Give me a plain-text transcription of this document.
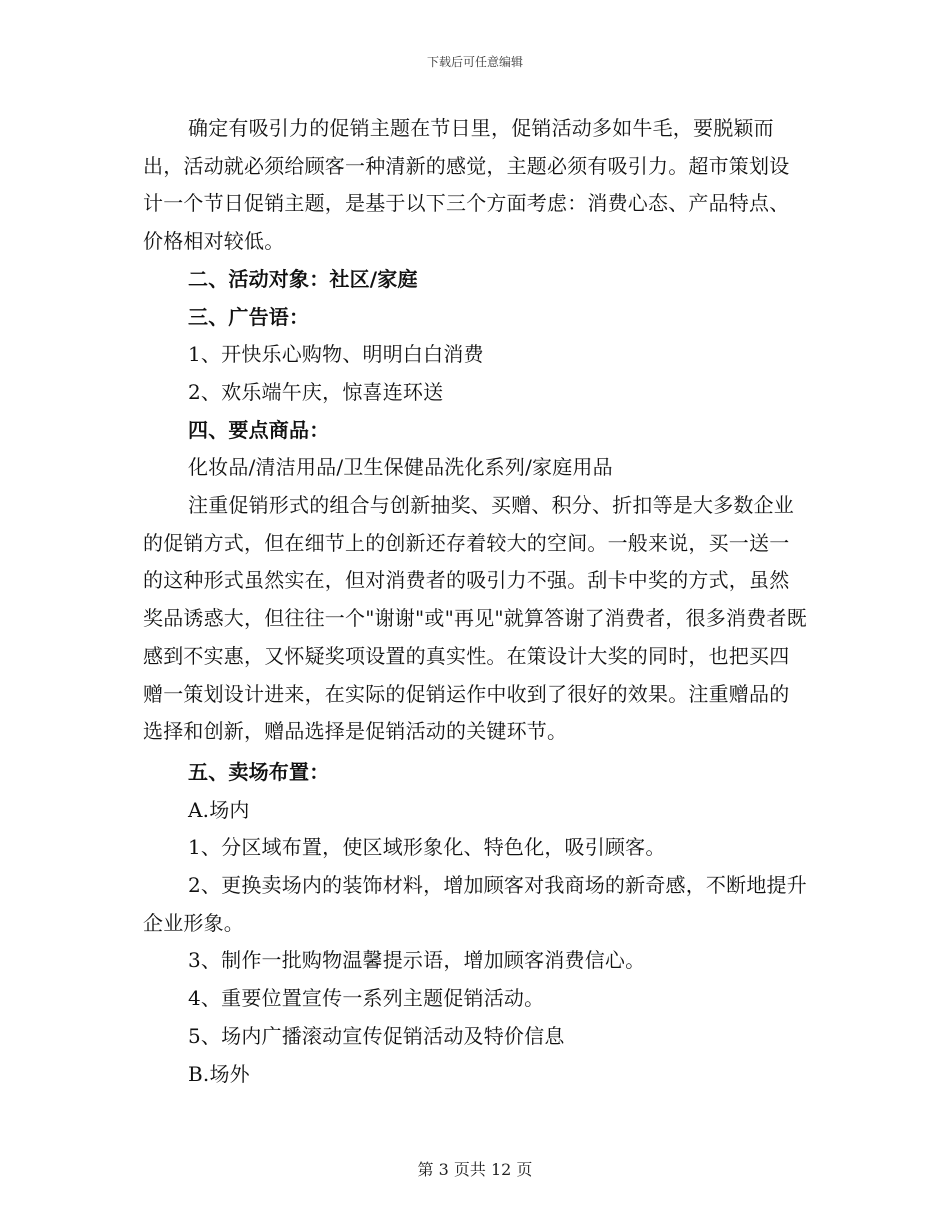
下载后可任意编辑

确定有吸引力的促销主题在节日里，促销活动多如牛毛，要脱颖而出，活动就必须给顾客一种清新的感觉，主题必须有吸引力。超市策划设计一个节日促销主题，是基于以下三个方面考虑：消费心态、产品特点、价格相对较低。

二、活动对象：社区/家庭

三、广告语：

1、开快乐心购物、明明白白消费

2、欢乐端午庆，惊喜连环送

四、要点商品：

化妆品/清洁用品/卫生保健品洗化系列/家庭用品

注重促销形式的组合与创新抽奖、买赠、积分、折扣等是大多数企业的促销方式，但在细节上的创新还存着较大的空间。一般来说，买一送一的这种形式虽然实在，但对消费者的吸引力不强。刮卡中奖的方式，虽然奖品诱惑大，但往往一个"谢谢"或"再见"就算答谢了消费者，很多消费者既感到不实惠，又怀疑奖项设置的真实性。在策设计大奖的同时，也把买四赠一策划设计进来，在实际的促销运作中收到了很好的效果。注重赠品的选择和创新，赠品选择是促销活动的关键环节。

五、卖场布置：

A.场内

1、分区域布置，使区域形象化、特色化，吸引顾客。

2、更换卖场内的装饰材料，增加顾客对我商场的新奇感，不断地提升企业形象。

3、制作一批购物温馨提示语，增加顾客消费信心。

4、重要位置宣传一系列主题促销活动。

5、场内广播滚动宣传促销活动及特价信息

B.场外

第 3 页共 12 页
